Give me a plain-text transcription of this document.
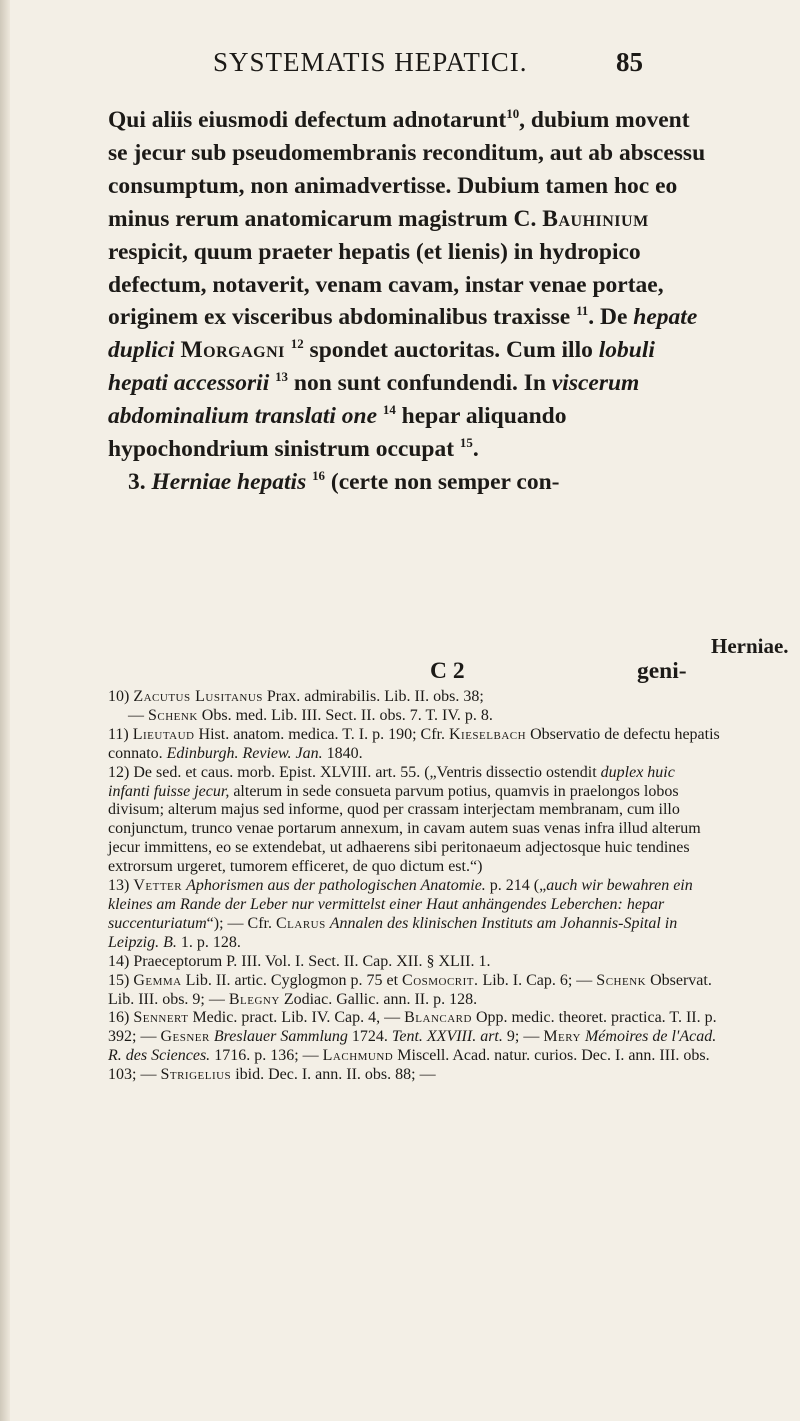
SYSTEMATIS HEPATICI.	85

Qui aliis eiusmodi defectum adnotarunt$^{10}$, dubium movent se jecur sub pseudomembranis reconditum, aut ab abscessu consumptum, non animadvertisse. Dubium tamen hoc eo minus rerum anatomicarum magistrum C. Bauhinium respicit, quum praeter hepatis (et lienis) in hydropico defectum, notaverit, venam cavam, instar venae portae, originem ex visceribus abdominalibus traxisse $^{11}$. De hepate duplici Morgagni $^{12}$ spondet auctoritas. Cum illo lobuli hepati accessorii $^{13}$ non sunt confundendi. In viscerum abdominalium translati one $^{14}$ hepar aliquando hypochondrium sinistrum occupat $^{15}$.

3. Herniae hepatis $^{16}$ (certe non semper con-

Herniae.
C 2	geni-

10) Zacutus Lusitanus Prax. admirabilis. Lib. II. obs. 38;
— Schenk Obs. med. Lib. III. Sect. II. obs. 7. T. IV. p. 8.

11) Lieutaud Hist. anatom. medica. T. I. p. 190; Cfr. Kieselbach Observatio de defectu hepatis connato. Edinburgh. Review. Jan. 1840.

12) De sed. et caus. morb. Epist. XLVIII. art. 55. („Ventris dissectio ostendit duplex huic infanti fuisse jecur, alterum in sede consueta parvum potius, quamvis in praelongos lobos divisum; alterum majus sed informe, quod per crassam interjectam membranam, cum illo conjunctum, trunco venae portarum annexum, in cavam autem suas venas infra illud alterum jecur immittens, eo se extendebat, ut adhaerens sibi peritonaeum adjectosque huic tendines extrorsum urgeret, tumorem efficeret, de quo dictum est.“)

13) Vetter Aphorismen aus der pathologischen Anatomie. p. 214 („auch wir bewahren ein kleines am Rande der Leber nur vermittelst einer Haut anhängendes Leberchen: hepar succenturiatum“); — Cfr. Clarus Annalen des klinischen Instituts am Johannis-Spital in Leipzig. B. 1. p. 128.

14) Praeceptorum P. III. Vol. I. Sect. II. Cap. XII. § XLII. 1.

15) Gemma Lib. II. artic. Cyglogmon p. 75 et Cosmocrit. Lib. I. Cap. 6; — Schenk Observat. Lib. III. obs. 9; — Blegny Zodiac. Gallic. ann. II. p. 128.

16) Sennert Medic. pract. Lib. IV. Cap. 4, — Blancard Opp. medic. theoret. practica. T. II. p. 392; — Gesner Breslauer Sammlung 1724. Tent. XXVIII. art. 9; — Mery Mémoires de l'Acad. R. des Sciences. 1716. p. 136; — Lachmund Miscell. Acad. natur. curios. Dec. I. ann. III. obs. 103; — Strigelius ibid. Dec. I. ann. II. obs. 88; —
